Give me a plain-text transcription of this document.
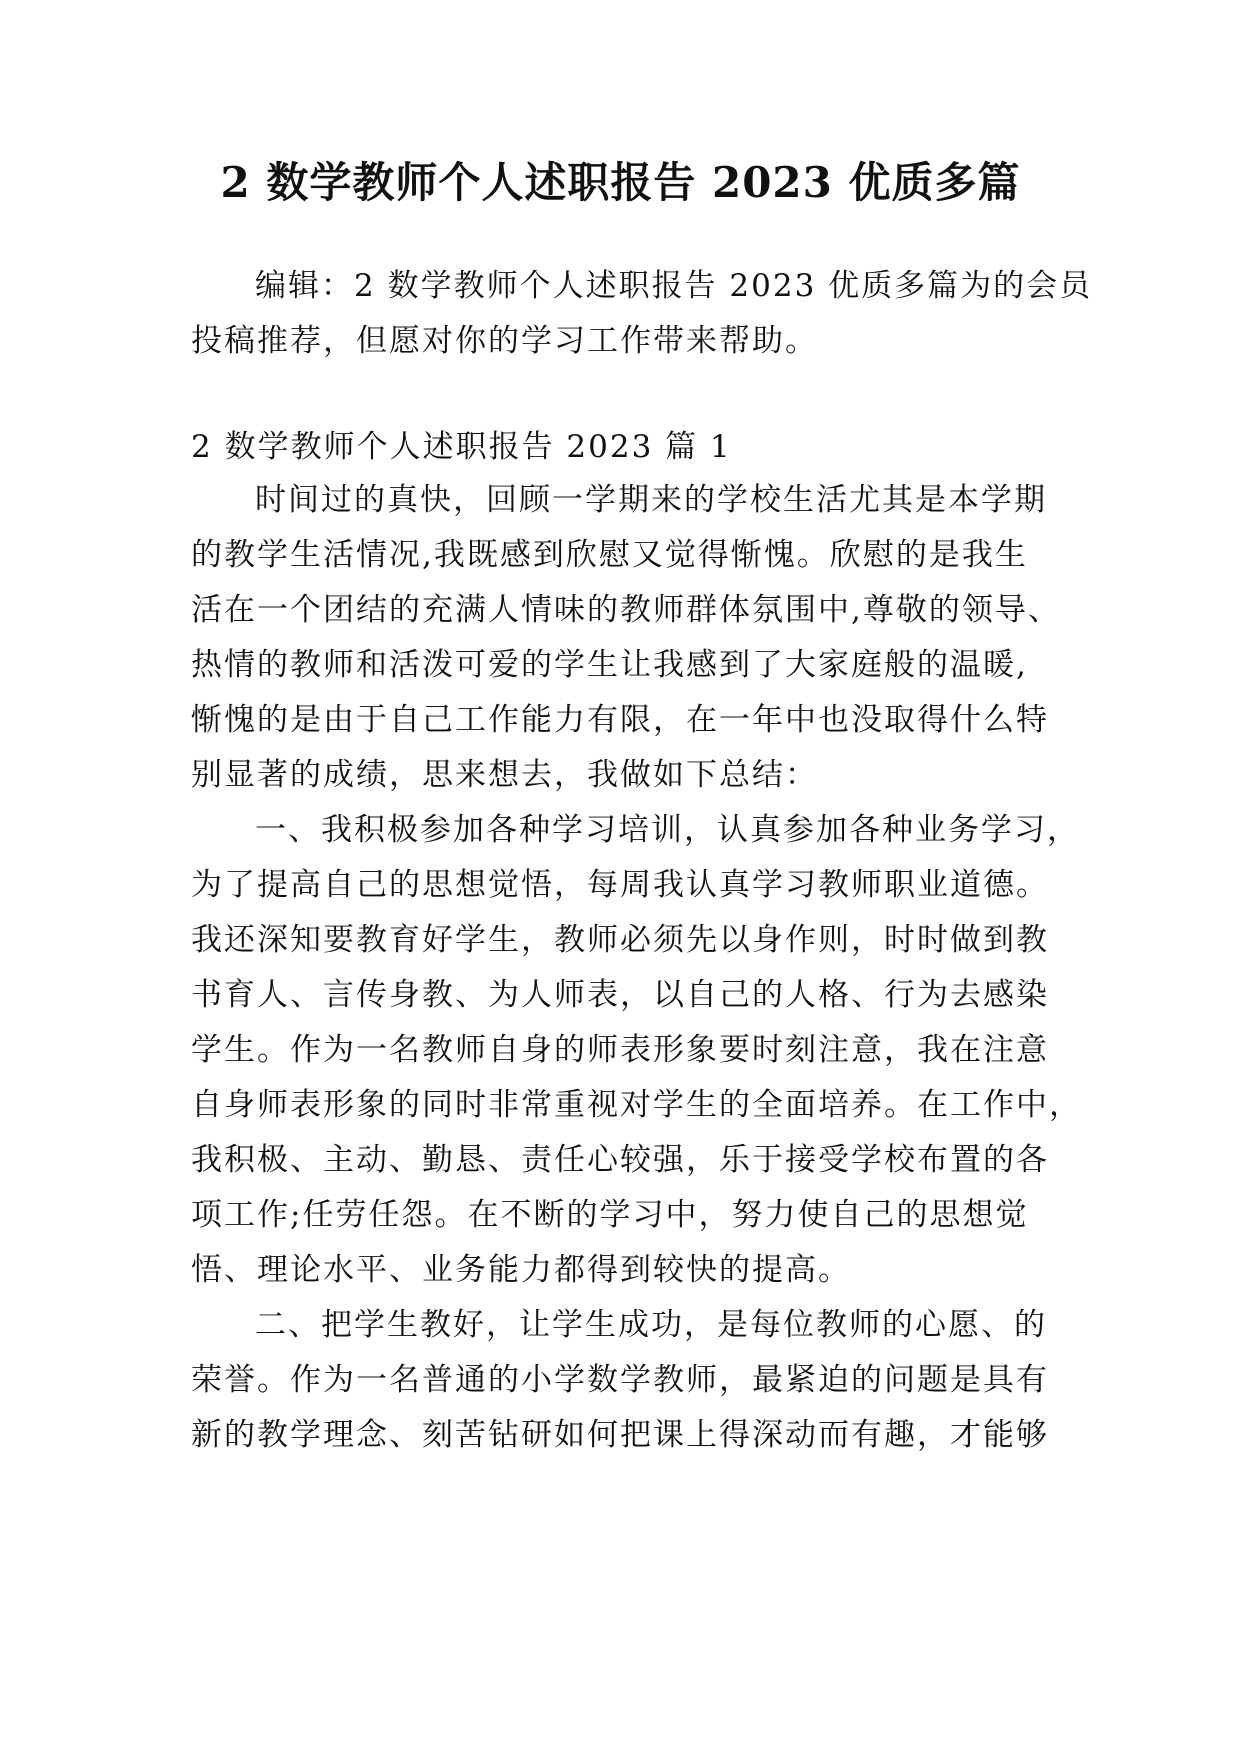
2 数学教师个人述职报告 2023 优质多篇
编辑：2 数学教师个人述职报告 2023 优质多篇为的会员
投稿推荐，但愿对你的学习工作带来帮助。
2 数学教师个人述职报告 2023 篇 1
时间过的真快，回顾一学期来的学校生活尤其是本学期
的教学生活情况,我既感到欣慰又觉得惭愧。欣慰的是我生
活在一个团结的充满人情味的教师群体氛围中,尊敬的领导、
热情的教师和活泼可爱的学生让我感到了大家庭般的温暖,
惭愧的是由于自己工作能力有限，在一年中也没取得什么特
别显著的成绩，思来想去，我做如下总结：
一、我积极参加各种学习培训，认真参加各种业务学习，
为了提高自己的思想觉悟，每周我认真学习教师职业道德。
我还深知要教育好学生，教师必须先以身作则，时时做到教
书育人、言传身教、为人师表，以自己的人格、行为去感染
学生。作为一名教师自身的师表形象要时刻注意，我在注意
自身师表形象的同时非常重视对学生的全面培养。在工作中，
我积极、主动、勤恳、责任心较强，乐于接受学校布置的各
项工作;任劳任怨。在不断的学习中，努力使自己的思想觉
悟、理论水平、业务能力都得到较快的提高。
二、把学生教好，让学生成功，是每位教师的心愿、的
荣誉。作为一名普通的小学数学教师，最紧迫的问题是具有
新的教学理念、刻苦钻研如何把课上得深动而有趣，才能够
